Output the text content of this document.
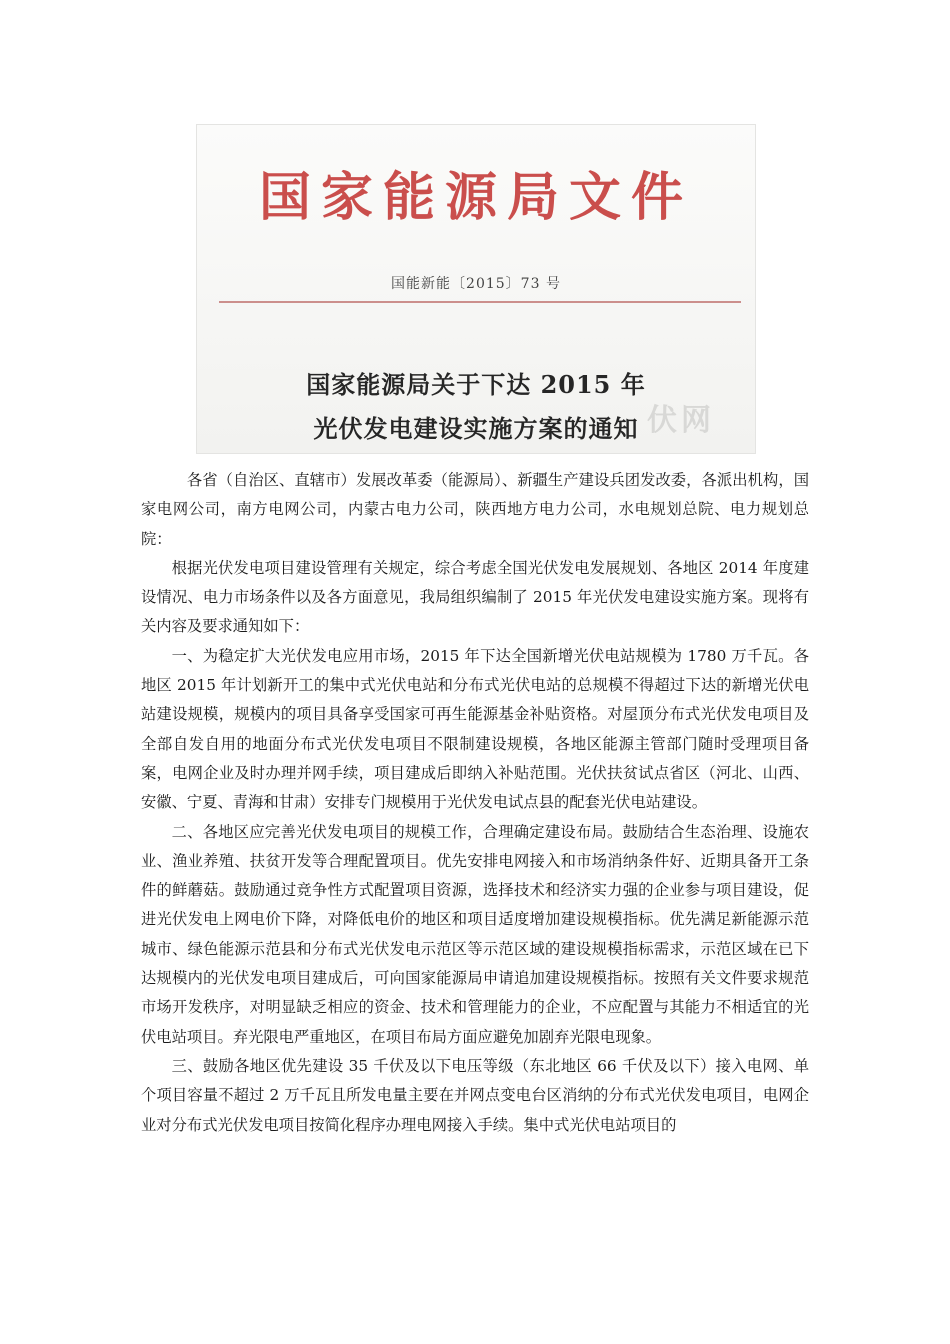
国家能源局文件
国能新能〔2015〕73 号
国家能源局关于下达 2015 年
光伏发电建设实施方案的通知 伏网

各省（自治区、直辖市）发展改革委（能源局）、新疆生产建设兵团发改委，各派出机构，国家电网公司，南方电网公司，内蒙古电力公司，陕西地方电力公司，水电规划总院、电力规划总院：

根据光伏发电项目建设管理有关规定，综合考虑全国光伏发电发展规划、各地区 2014 年度建设情况、电力市场条件以及各方面意见，我局组织编制了 2015 年光伏发电建设实施方案。现将有关内容及要求通知如下：

一、为稳定扩大光伏发电应用市场，2015 年下达全国新增光伏电站规模为 1780 万千瓦。各地区 2015 年计划新开工的集中式光伏电站和分布式光伏电站的总规模不得超过下达的新增光伏电站建设规模，规模内的项目具备享受国家可再生能源基金补贴资格。对屋顶分布式光伏发电项目及全部自发自用的地面分布式光伏发电项目不限制建设规模，各地区能源主管部门随时受理项目备案，电网企业及时办理并网手续，项目建成后即纳入补贴范围。光伏扶贫试点省区（河北、山西、安徽、宁夏、青海和甘肃）安排专门规模用于光伏发电试点县的配套光伏电站建设。

二、各地区应完善光伏发电项目的规模工作，合理确定建设布局。鼓励结合生态治理、设施农业、渔业养殖、扶贫开发等合理配置项目。优先安排电网接入和市场消纳条件好、近期具备开工条件的鲜蘑菇。鼓励通过竞争性方式配置项目资源，选择技术和经济实力强的企业参与项目建设，促进光伏发电上网电价下降，对降低电价的地区和项目适度增加建设规模指标。优先满足新能源示范城市、绿色能源示范县和分布式光伏发电示范区等示范区域的建设规模指标需求，示范区域在已下达规模内的光伏发电项目建成后，可向国家能源局申请追加建设规模指标。按照有关文件要求规范市场开发秩序，对明显缺乏相应的资金、技术和管理能力的企业，不应配置与其能力不相适宜的光伏电站项目。弃光限电严重地区，在项目布局方面应避免加剧弃光限电现象。

三、鼓励各地区优先建设 35 千伏及以下电压等级（东北地区 66 千伏及以下）接入电网、单个项目容量不超过 2 万千瓦且所发电量主要在并网点变电台区消纳的分布式光伏发电项目，电网企业对分布式光伏发电项目按简化程序办理电网接入手续。集中式光伏电站项目的
